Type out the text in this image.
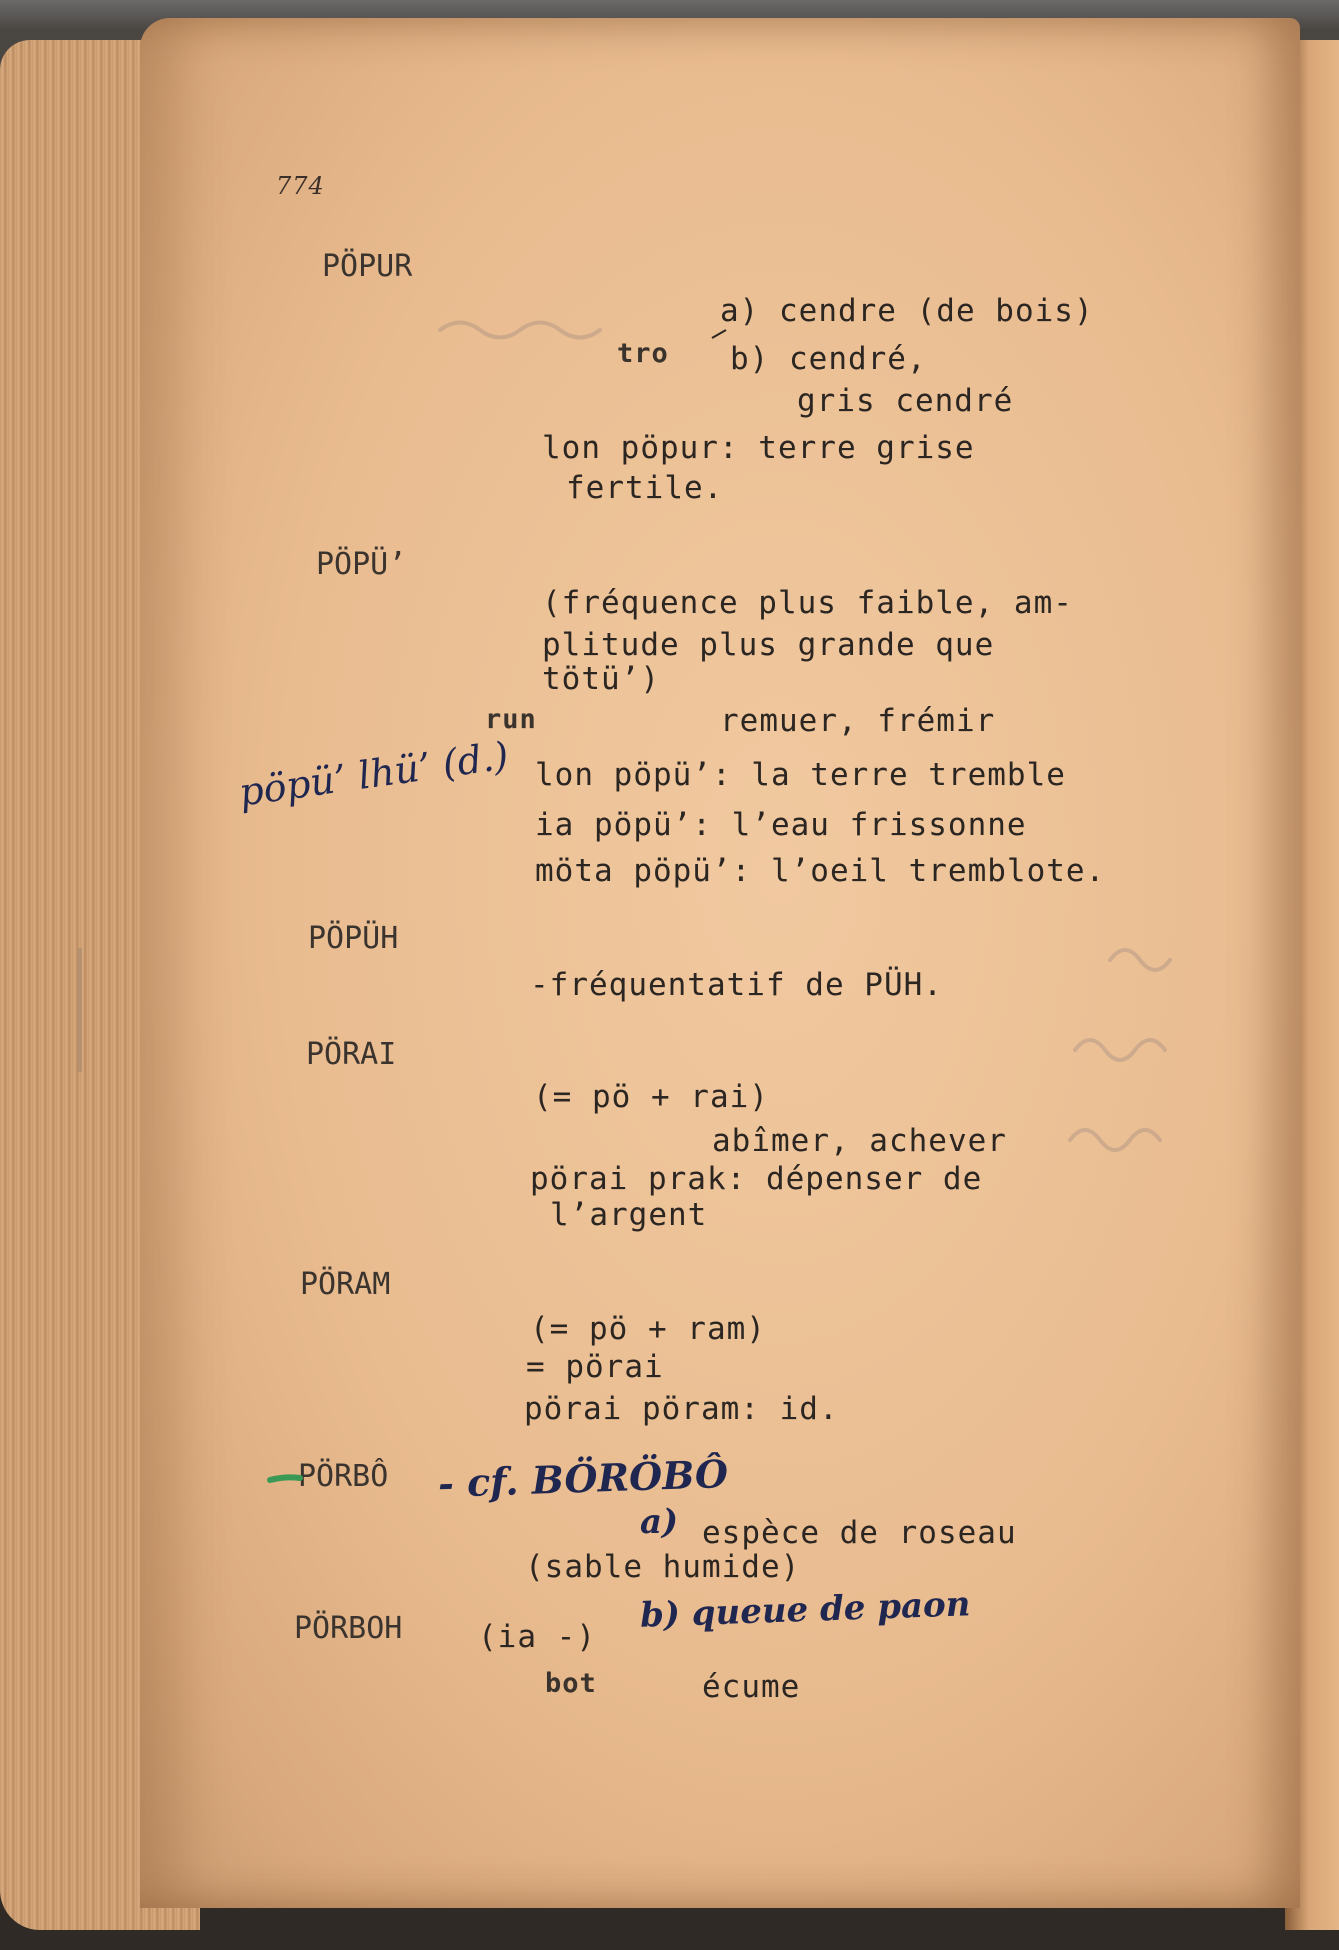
774
PÖPUR
a) cendre (de bois)
tro b) cendré,
gris cendré
lon pöpur: terre grise
fertile.
PÖPÜ’
(fréquence plus faible, am-
plitude plus grande que
tötü’)
run	remuer, frémir
lon pöpü’: la terre tremble
ia pöpü’: l’eau frissonne
möta pöpü’: l’oeil tremblote.
PÖPÜH
-fréquentatif de PÜH.
PÖRAI
(= pö + rai)
abîmer, achever
pörai prak: dépenser de
l’argent
PÖRAM
(= pö + ram)
= pörai
pörai pöram: id.
PÖRBÔ
espèce de roseau
(sable humide)
PÖRBOH (ia -)
bot	écume
pöpü’ lhü’ (d.)
- cf. BÖRÖBÔ
a)
b) queue de paon
